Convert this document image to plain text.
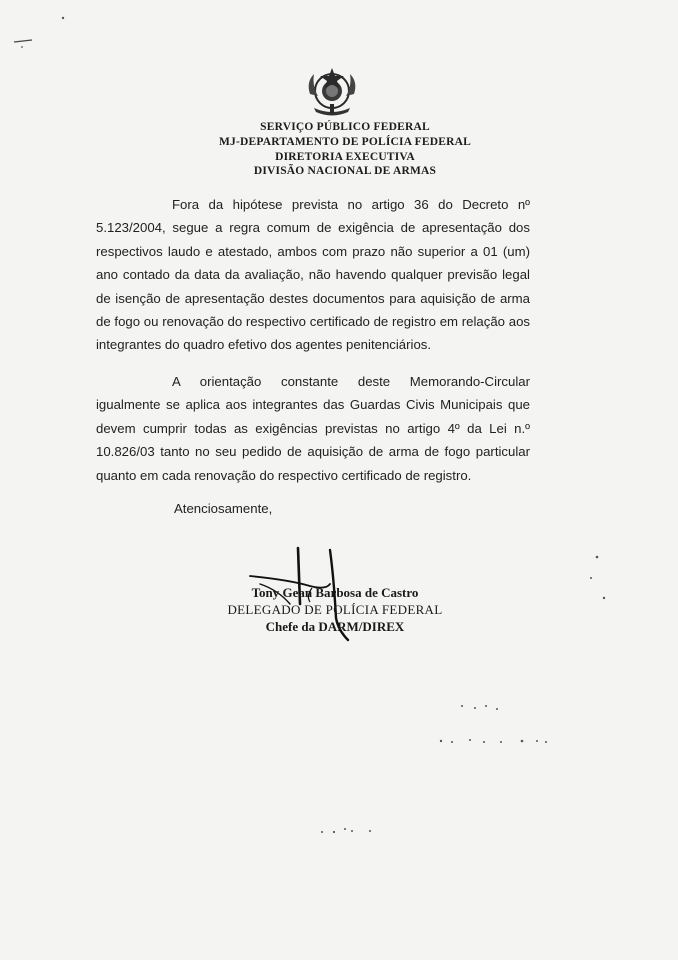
SERVIÇO PÚBLICO FEDERAL
MJ-DEPARTAMENTO DE POLÍCIA FEDERAL
DIRETORIA EXECUTIVA
DIVISÃO NACIONAL DE ARMAS
Fora da hipótese prevista no artigo 36 do Decreto nº 5.123/2004, segue a regra comum de exigência de apresentação dos respectivos laudo e atestado, ambos com prazo não superior a 01 (um) ano contado da data da avaliação, não havendo qualquer previsão legal de isenção de apresentação destes documentos para aquisição de arma de fogo ou renovação do respectivo certificado de registro em relação aos integrantes do quadro efetivo dos agentes penitenciários.
A orientação constante deste Memorando-Circular igualmente se aplica aos integrantes das Guardas Civis Municipais que devem cumprir todas as exigências previstas no artigo 4º da Lei n.º 10.826/03 tanto no seu pedido de aquisição de arma de fogo particular quanto em cada renovação do respectivo certificado de registro.
Atenciosamente,
Tony Gean Barbosa de Castro
DELEGADO DE POLÍCIA FEDERAL
Chefe da DARM/DIREX
